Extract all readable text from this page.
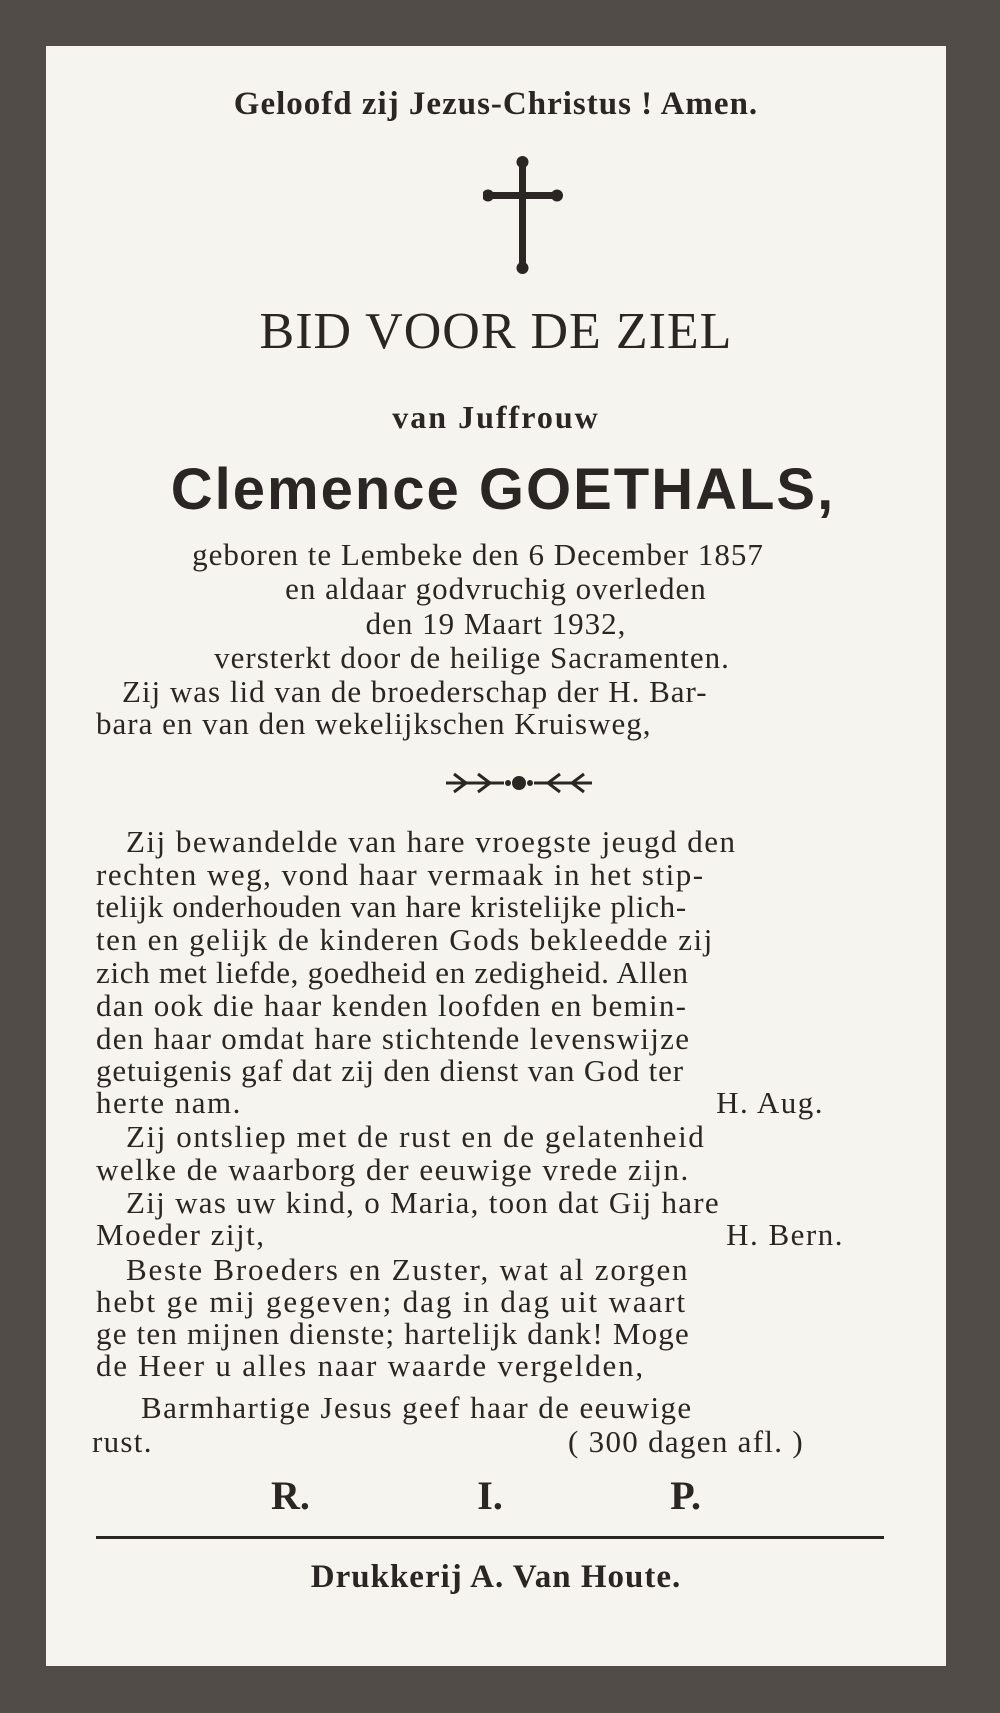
Geloofd zij Jezus-Christus ! Amen.

BID VOOR DE ZIEL

van Juffrouw

Clemence GOETHALS,

geboren te Lembeke den 6 December 1857

en aldaar godvruchig overleden

den 19 Maart 1932,

versterkt door de heilige Sacramenten.

Zij was lid van de broederschap der H. Bar-

bara en van den wekelijkschen Kruisweg,

Zij bewandelde van hare vroegste jeugd den

rechten weg, vond haar vermaak in het stip-

telijk onderhouden van hare kristelijke plich-

ten en gelijk de kinderen Gods bekleedde zij

zich met liefde, goedheid en zedigheid. Allen

dan ook die haar kenden loofden en bemin-

den haar omdat hare stichtende levenswijze

getuigenis gaf dat zij den dienst van God ter

herte nam.	H. Aug.

Zij ontsliep met de rust en de gelatenheid

welke de waarborg der eeuwige vrede zijn.

Zij was uw kind, o Maria, toon dat Gij hare

Moeder zijt,	H. Bern.

Beste Broeders en Zuster, wat al zorgen

hebt ge mij gegeven; dag in dag uit waart

ge ten mijnen dienste; hartelijk dank! Moge

de Heer u alles naar waarde vergelden,

Barmhartige Jesus geef haar de eeuwige

rust.	( 300 dagen afl. )
R.	I.	P.

Drukkerij A. Van Houte.
